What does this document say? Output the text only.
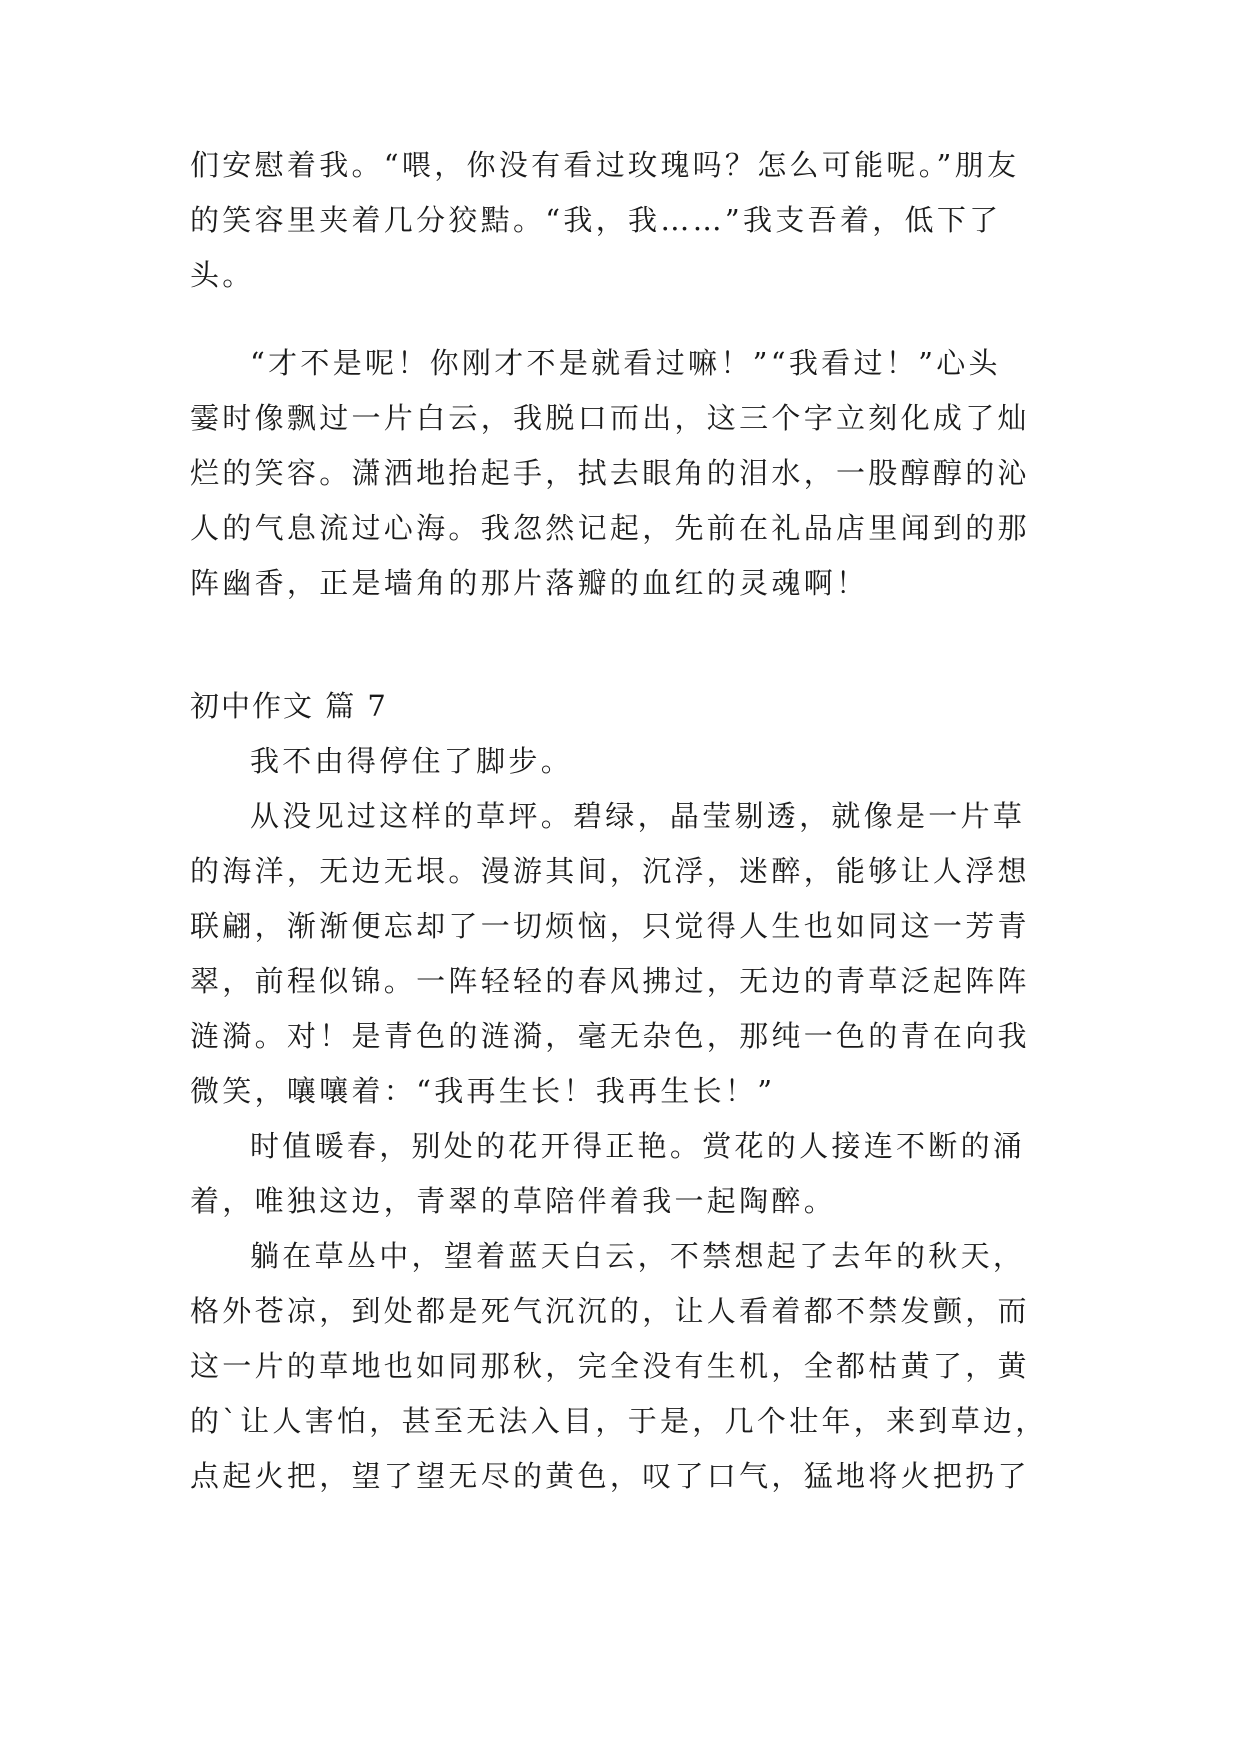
们安慰着我。“喂，你没有看过玫瑰吗？怎么可能呢。”朋友
的笑容里夹着几分狡黠。“我，我……”我支吾着，低下了
头。
“才不是呢！你刚才不是就看过嘛！”“我看过！”心头
霎时像飘过一片白云，我脱口而出，这三个字立刻化成了灿
烂的笑容。潇洒地抬起手，拭去眼角的泪水，一股醇醇的沁
人的气息流过心海。我忽然记起，先前在礼品店里闻到的那
阵幽香，正是墙角的那片落瓣的血红的灵魂啊！
初中作文 篇 7
我不由得停住了脚步。
从没见过这样的草坪。碧绿，晶莹剔透，就像是一片草
的海洋，无边无垠。漫游其间，沉浮，迷醉，能够让人浮想
联翩，渐渐便忘却了一切烦恼，只觉得人生也如同这一芳青
翠，前程似锦。一阵轻轻的春风拂过，无边的青草泛起阵阵
涟漪。对！是青色的涟漪，毫无杂色，那纯一色的青在向我
微笑，嚷嚷着：“我再生长！我再生长！”
时值暖春，别处的花开得正艳。赏花的人接连不断的涌
着，唯独这边，青翠的草陪伴着我一起陶醉。
躺在草丛中，望着蓝天白云，不禁想起了去年的秋天，
格外苍凉，到处都是死气沉沉的，让人看着都不禁发颤，而
这一片的草地也如同那秋，完全没有生机，全都枯黄了，黄
的`让人害怕，甚至无法入目，于是，几个壮年，来到草边，
点起火把，望了望无尽的黄色，叹了口气，猛地将火把扔了
